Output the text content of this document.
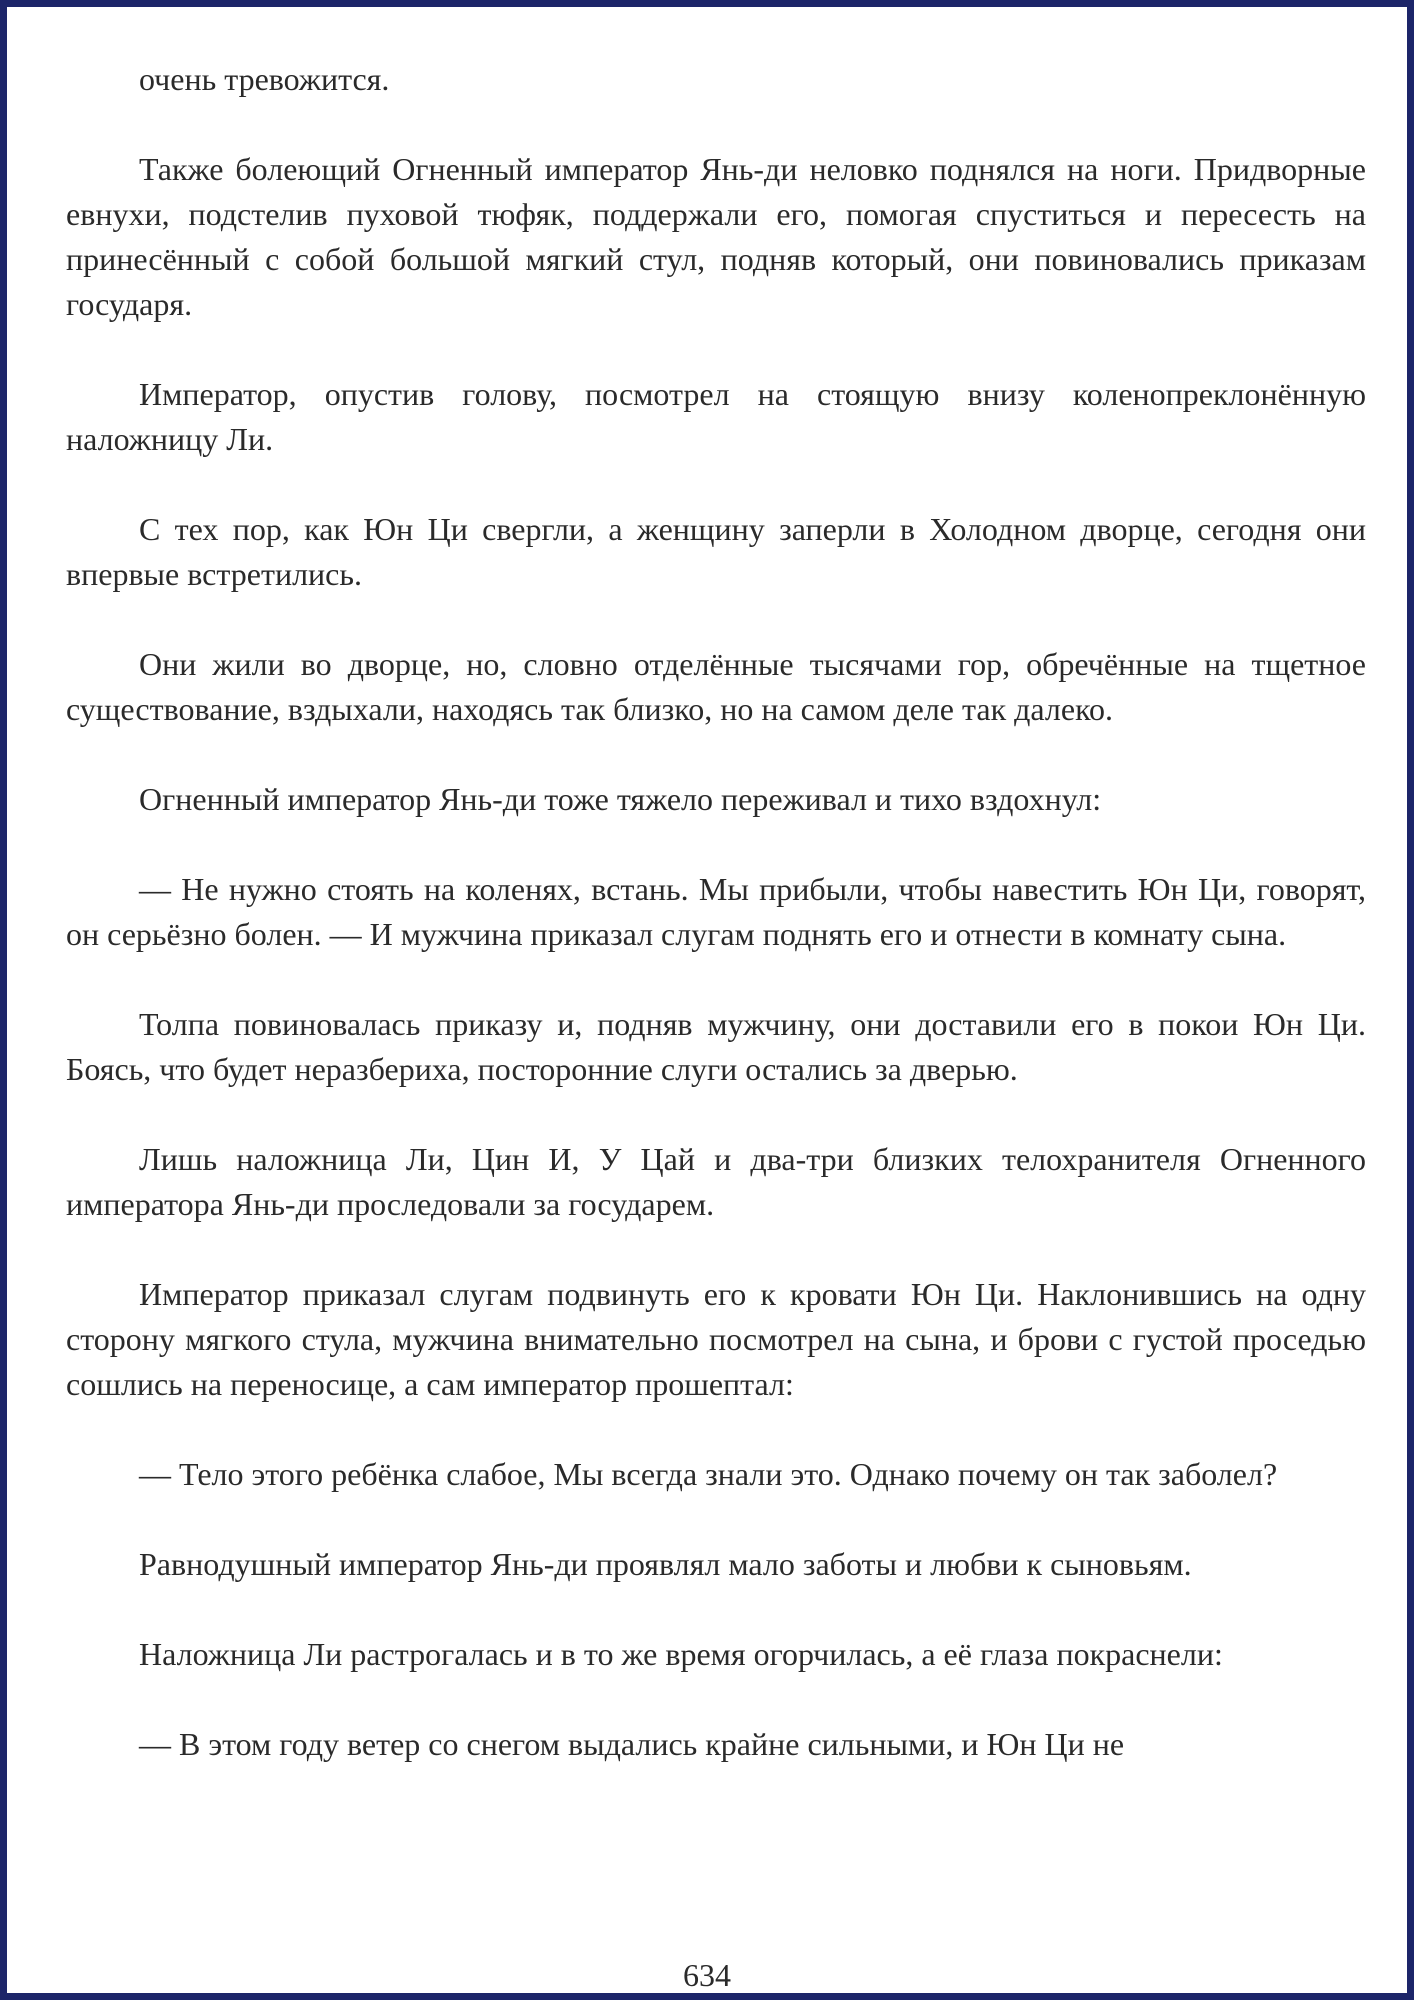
очень тревожится.

Также болеющий Огненный император Янь-ди неловко поднялся на ноги. Придворные евнухи, подстелив пуховой тюфяк, поддержали его, помогая спуститься и пересесть на принесённый с собой большой мягкий стул, подняв который, они повиновались приказам государя.

Император, опустив голову, посмотрел на стоящую внизу коленопреклонённую наложницу Ли.

С тех пор, как Юн Ци свергли, а женщину заперли в Холодном дворце, сегодня они впервые встретились.

Они жили во дворце, но, словно отделённые тысячами гор, обречённые на тщетное существование, вздыхали, находясь так близко, но на самом деле так далеко.

Огненный император Янь-ди тоже тяжело переживал и тихо вздохнул:

— Не нужно стоять на коленях, встань. Мы прибыли, чтобы навестить Юн Ци, говорят, он серьёзно болен. — И мужчина приказал слугам поднять его и отнести в комнату сына.

Толпа повиновалась приказу и, подняв мужчину, они доставили его в покои Юн Ци. Боясь, что будет неразбериха, посторонние слуги остались за дверью.

Лишь наложница Ли, Цин И, У Цай и два-три близких телохранителя Огненного императора Янь-ди проследовали за государем.

Император приказал слугам подвинуть его к кровати Юн Ци. Наклонившись на одну сторону мягкого стула, мужчина внимательно посмотрел на сына, и брови с густой проседью сошлись на переносице, а сам император прошептал:

— Тело этого ребёнка слабое, Мы всегда знали это. Однако почему он так заболел?

Равнодушный император Янь-ди проявлял мало заботы и любви к сыновьям.

Наложница Ли растрогалась и в то же время огорчилась, а её глаза покраснели:

— В этом году ветер со снегом выдались крайне сильными, и Юн Ци не

634
